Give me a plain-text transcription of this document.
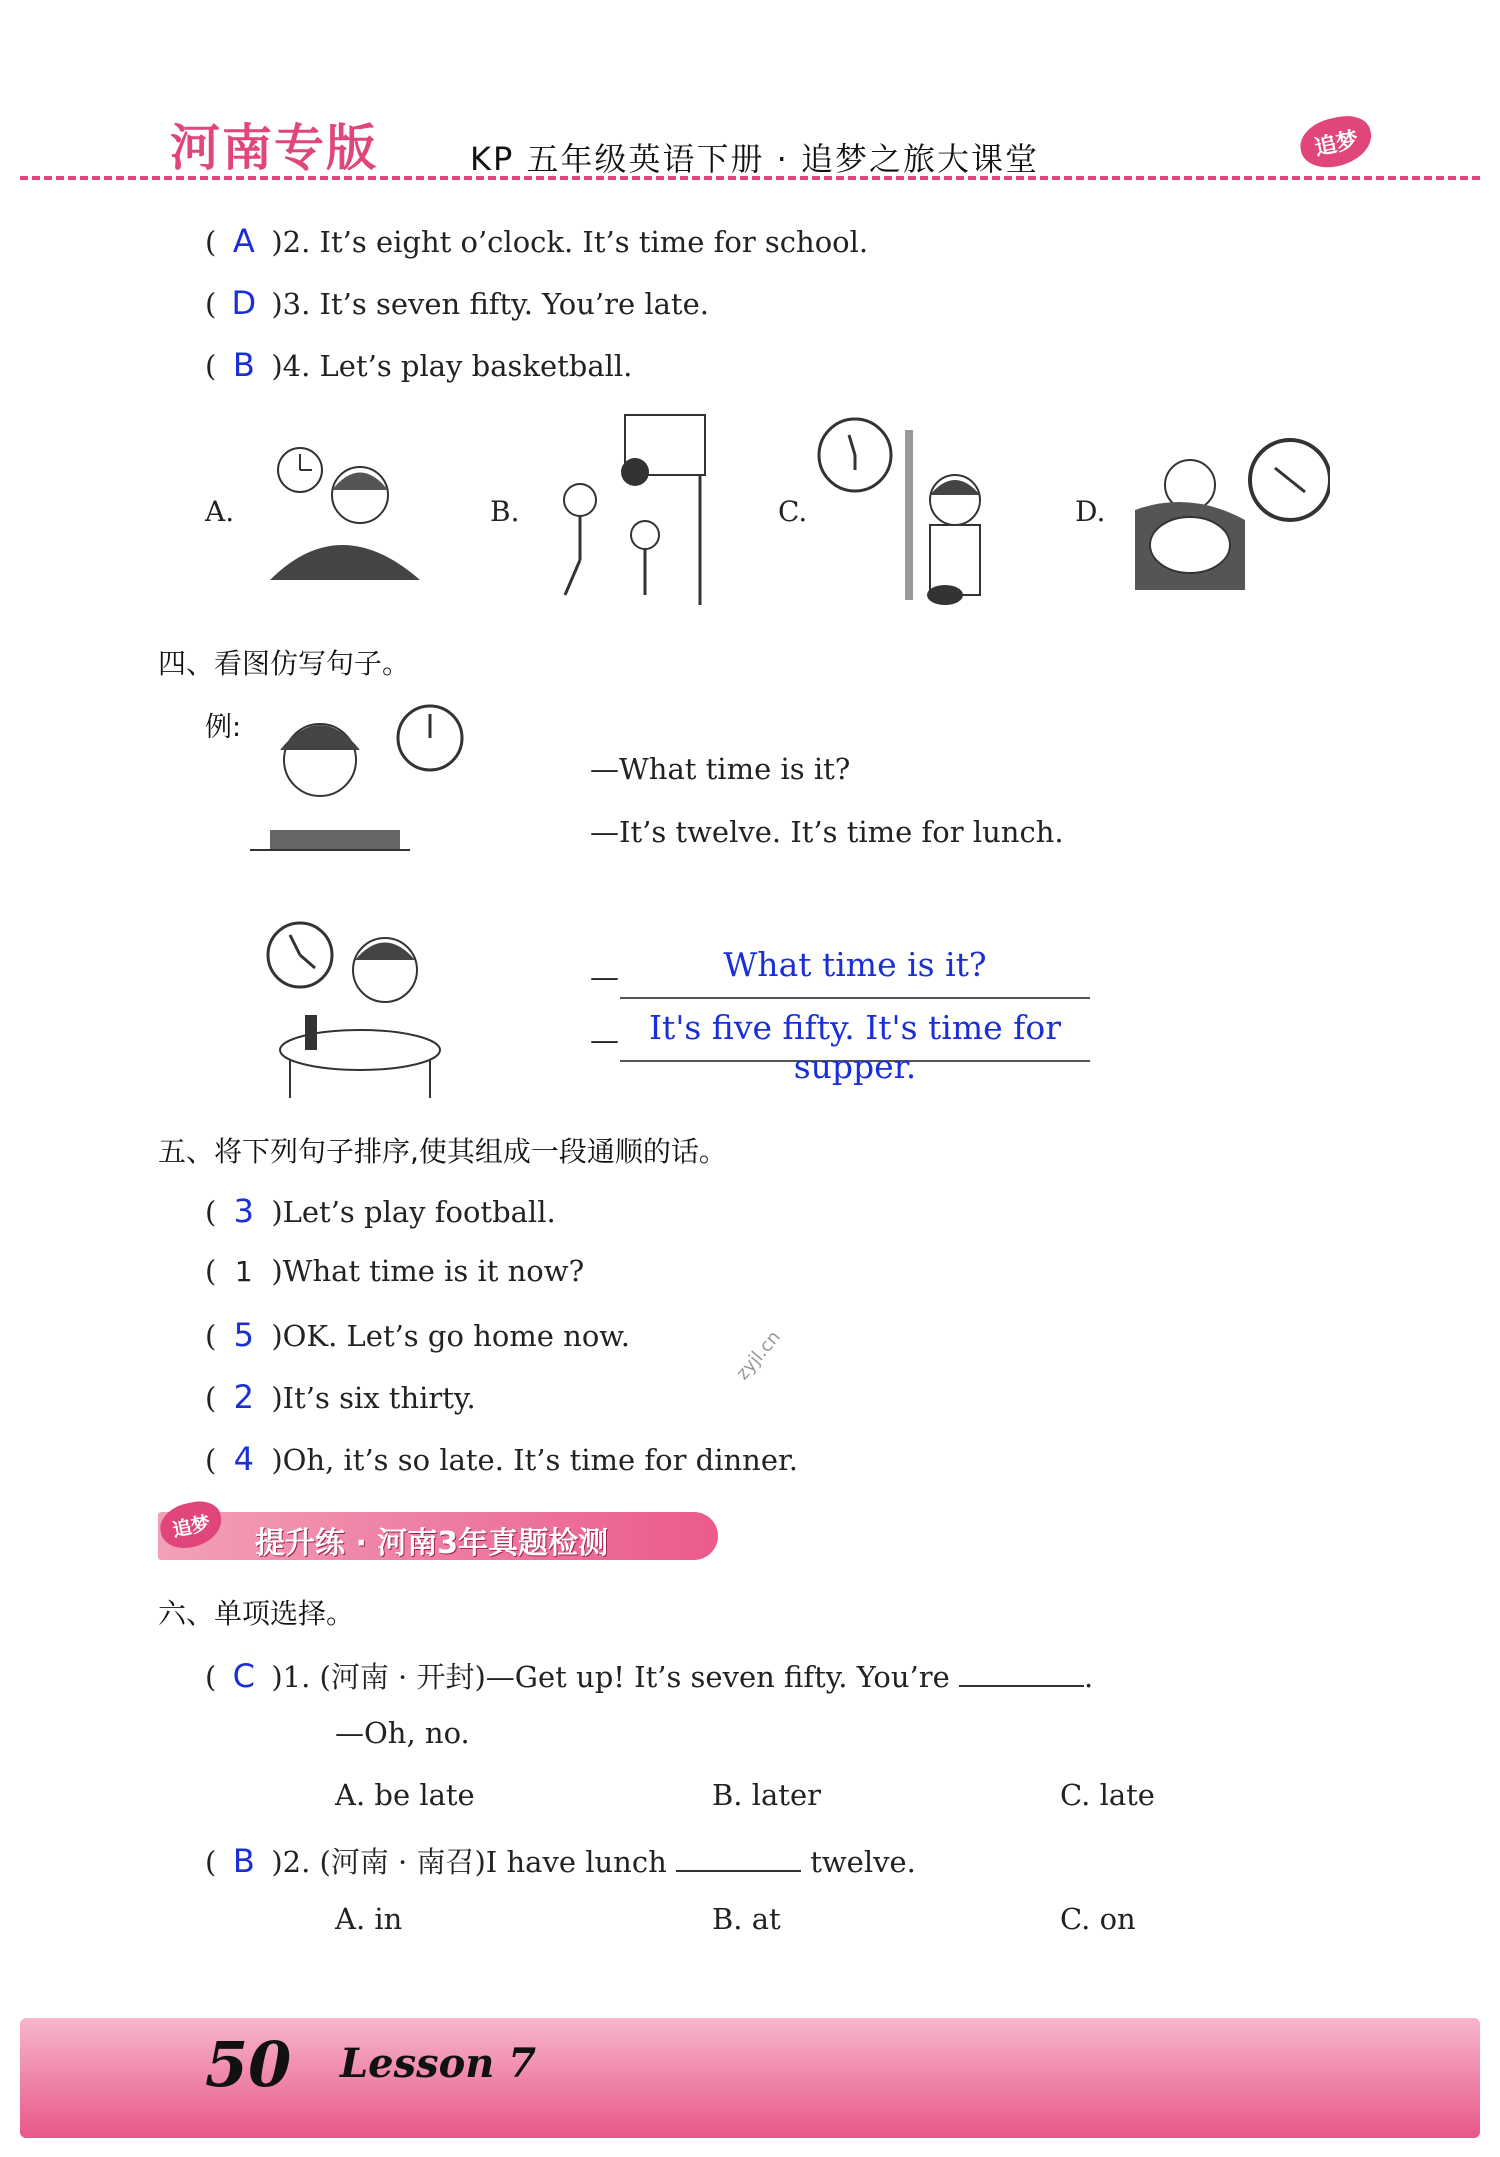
河南专版	KP 五年级英语下册 · 追梦之旅大课堂	追梦
( A )2. It’s eight o’clock. It’s time for school.
( D )3. It’s seven fifty. You’re late.
( B )4. Let’s play basketball.
A.	B.	C.	D.
四、看图仿写句子。
例:
—What time is it?
—It’s twelve. It’s time for lunch.
—	What time is it?
— It's five fifty. It's time for supper.
五、将下列句子排序,使其组成一段通顺的话。
( 3 )Let’s play football.
( 1 )What time is it now?
( 5 )OK. Let’s go home now.
( 2 )It’s six thirty.
( 4 )Oh, it’s so late. It’s time for dinner.
zyjl.cn
追梦	提升练 · 河南3年真题检测
六、单项选择。
( C )1. (河南 · 开封)—Get up! It’s seven fifty. You’re	.
—Oh, no.
A. be late	B. later	C. late
( B )2. (河南 · 南召)I have lunch	twelve.
A. in	B. at	C. on
50 Lesson 7
